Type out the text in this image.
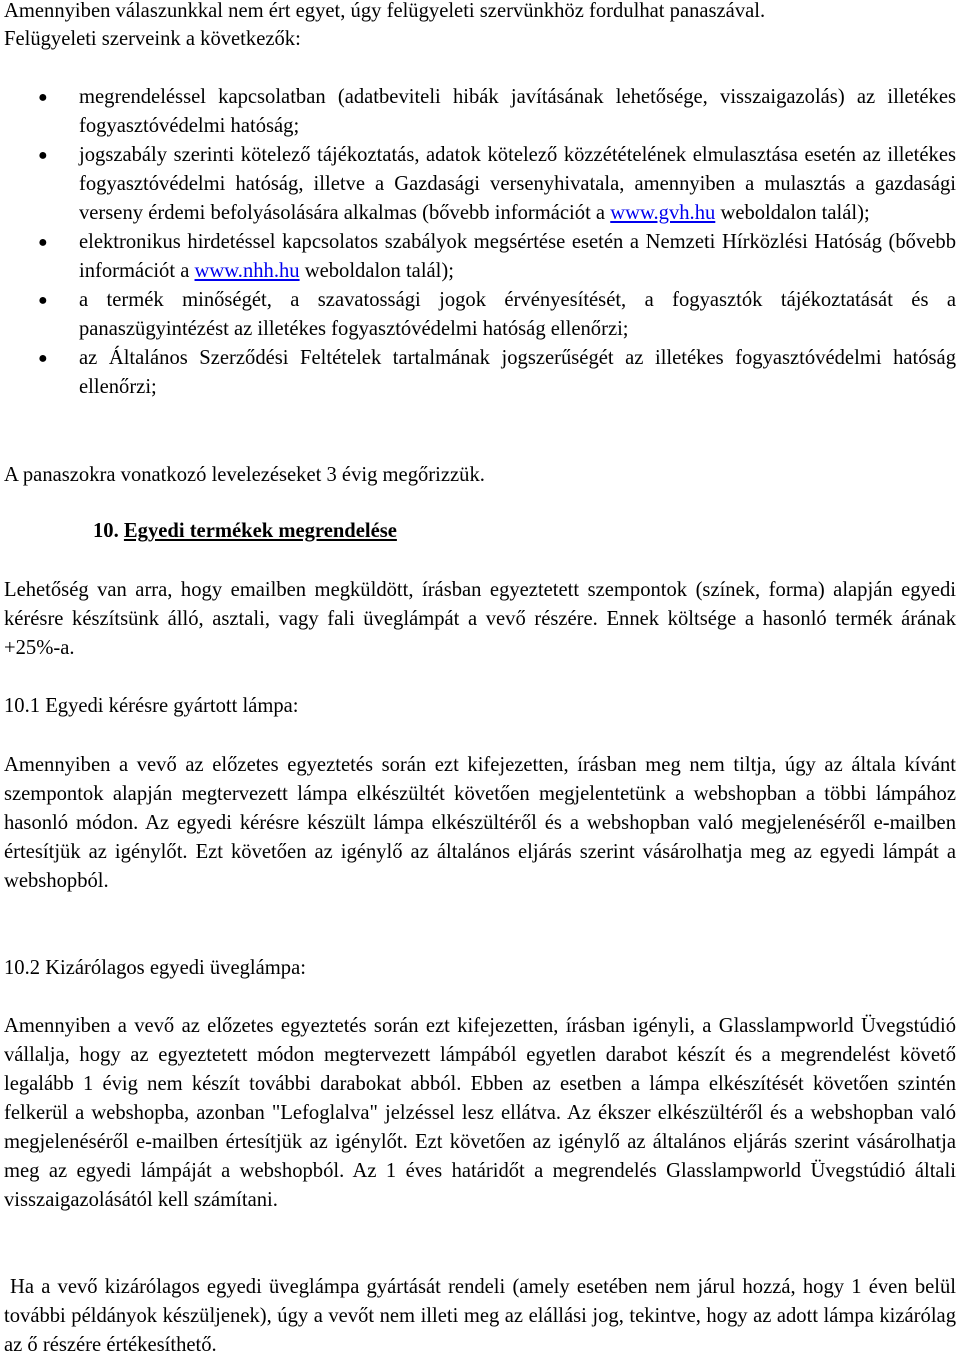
Amennyiben válaszunkkal nem ért egyet, úgy felügyeleti szervünkhöz fordulhat panaszával.

Felügyeleti szerveink a következők:

● megrendeléssel kapcsolatban (adatbeviteli hibák javításának lehetősége, visszaigazolás) az illetékes fogyasztóvédelmi hatóság;
● jogszabály szerinti kötelező tájékoztatás, adatok kötelező közzétételének elmulasztása esetén az illetékes fogyasztóvédelmi hatóság, illetve a Gazdasági versenyhivatala, amennyiben a mulasztás a gazdasági verseny érdemi befolyásolására alkalmas (bővebb információt a www.gvh.hu weboldalon talál);
● elektronikus hirdetéssel kapcsolatos szabályok megsértése esetén a Nemzeti Hírközlési Hatóság (bővebb információt a www.nhh.hu weboldalon talál);
● a termék minőségét, a szavatossági jogok érvényesítését, a fogyasztók tájékoztatását és a panaszügyintézést az illetékes fogyasztóvédelmi hatóság ellenőrzi;
● az Általános Szerződési Feltételek tartalmának jogszerűségét az illetékes fogyasztóvédelmi hatóság ellenőrzi;

A panaszokra vonatkozó levelezéseket 3 évig megőrizzük.

10. Egyedi termékek megrendelése

Lehetőség van arra, hogy emailben megküldött, írásban egyeztetett szempontok (színek, forma) alapján egyedi kérésre készítsünk álló, asztali, vagy fali üveglámpát a vevő részére. Ennek költsége a hasonló termék árának +25%-a.

10.1 Egyedi kérésre gyártott lámpa:

Amennyiben a vevő az előzetes egyeztetés során ezt kifejezetten, írásban meg nem tiltja, úgy az általa kívánt szempontok alapján megtervezett lámpa elkészültét követően megjelentetünk a webshopban a többi lámpához hasonló módon. Az egyedi kérésre készült lámpa elkészültéről és a webshopban való megjelenéséről e-mailben értesítjük az igénylőt. Ezt követően az igénylő az általános eljárás szerint vásárolhatja meg az egyedi lámpát a webshopból.

10.2 Kizárólagos egyedi üveglámpa:

Amennyiben a vevő az előzetes egyeztetés során ezt kifejezetten, írásban igényli, a Glasslampworld Üvegstúdió vállalja, hogy az egyeztetett módon megtervezett lámpából egyetlen darabot készít és a megrendelést követő legalább 1 évig nem készít további darabokat abból. Ebben az esetben a lámpa elkészítését követően szintén felkerül a webshopba, azonban "Lefoglalva" jelzéssel lesz ellátva. Az ékszer elkészültéről és a webshopban való megjelenéséről e-mailben értesítjük az igénylőt. Ezt követően az igénylő az általános eljárás szerint vásárolhatja meg az egyedi lámpáját a webshopból. Az 1 éves határidőt a megrendelés Glasslampworld Üvegstúdió általi visszaigazolásától kell számítani.

Ha a vevő kizárólagos egyedi üveglámpa gyártását rendeli (amely esetében nem járul hozzá, hogy 1 éven belül további példányok készüljenek), úgy a vevőt nem illeti meg az elállási jog, tekintve, hogy az adott lámpa kizárólag az ő részére értékesíthető.
